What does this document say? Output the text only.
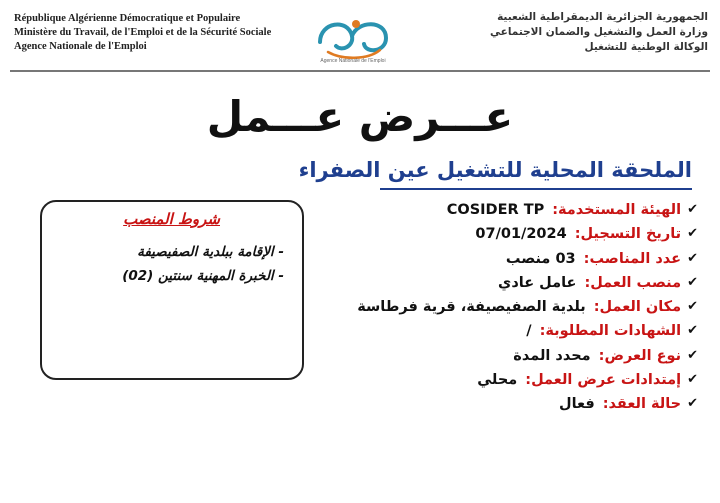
République Algérienne Démocratique et Populaire
Ministère du Travail, de l'Emploi et de la Sécurité Sociale
Agence Nationale de l'Emploi
Agence Nationale de l'Emploi
الجمهورية الجزائرية الديمقراطية الشعبية
وزارة العمل والتشغيل والضمان الاجتماعي
الوكالة الوطنية للتشغيل
عـــرض عـــمل
الملحقة المحلية للتشغيل عين الصفراء
✔
الهيئة المستخدمة:
COSIDER TP
✔
تاريخ التسجيل:
07/01/2024
✔
عدد المناصب:
03 منصب
✔
منصب العمل:
عامل عادي
✔
مكان العمل:
بلدية الصفيصيفة، قرية فرطاسة
✔
الشهادات المطلوبة:
/
✔
نوع العرض:
محدد المدة
✔
إمتدادات عرض العمل:
محلي
✔
حالة العقد:
فعال
شروط المنصب
- الإقامة ببلدية الصفيصيفة
- الخبرة المهنية سنتين (02)
